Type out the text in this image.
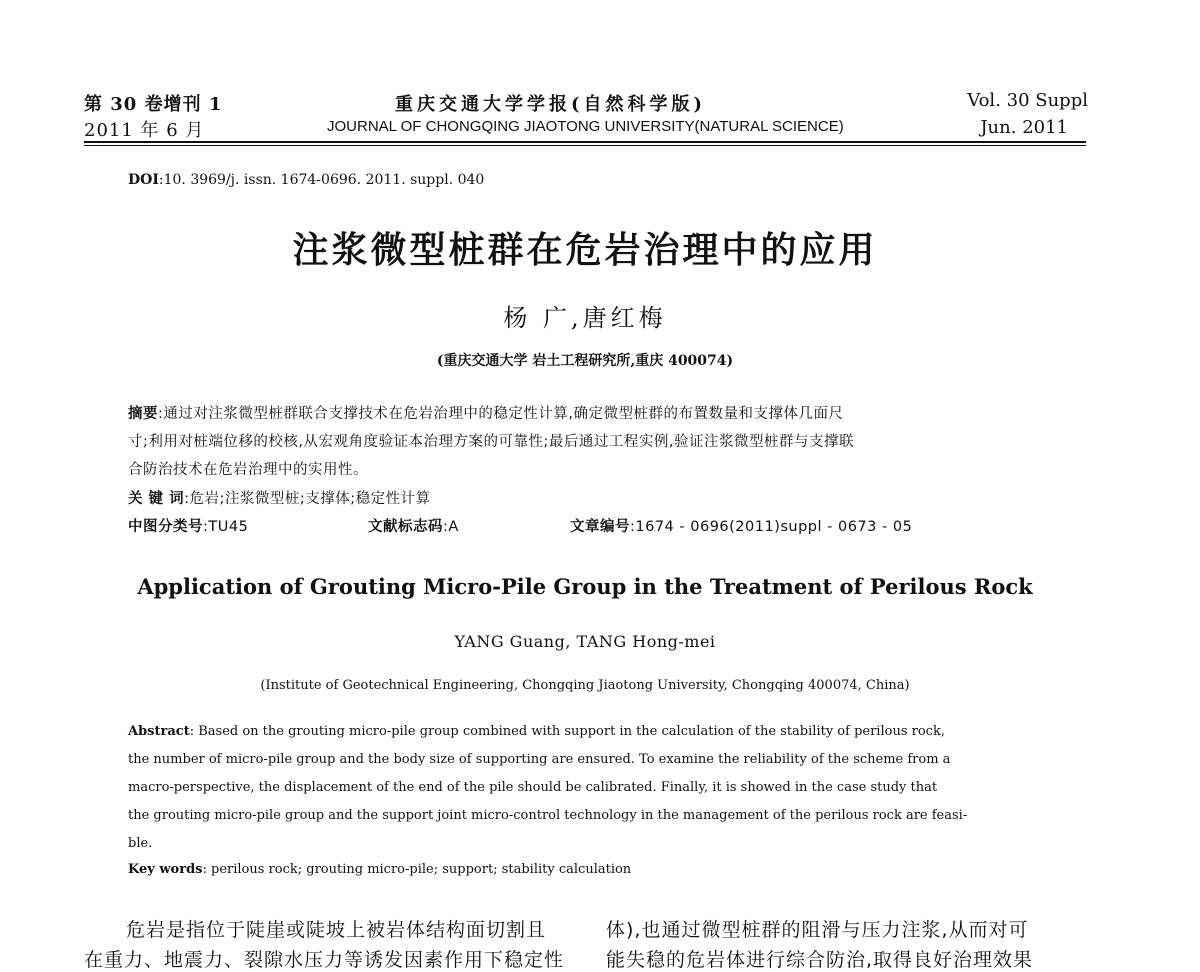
第 30 卷增刊 1
2011 年 6 月
重庆交通大学学报(自然科学版)
JOURNAL OF CHONGQING JIAOTONG UNIVERSITY(NATURAL SCIENCE)
Vol. 30 Suppl
Jun. 2011
DOI:10. 3969/j. issn. 1674-0696. 2011. suppl. 040
注浆微型桩群在危岩治理中的应用
杨 广,唐红梅
(重庆交通大学 岩土工程研究所,重庆 400074)
摘要:通过对注浆微型桩群联合支撑技术在危岩治理中的稳定性计算,确定微型桩群的布置数量和支撑体几面尺
寸;利用对桩端位移的校核,从宏观角度验证本治理方案的可靠性;最后通过工程实例,验证注浆微型桩群与支撑联
合防治技术在危岩治理中的实用性。
关 键 词:危岩;注浆微型桩;支撑体;稳定性计算
中图分类号:TU45	文献标志码:A	文章编号:1674 - 0696(2011)suppl - 0673 - 05
Application of Grouting Micro-Pile Group in the Treatment of Perilous Rock
YANG Guang, TANG Hong-mei
(Institute of Geotechnical Engineering, Chongqing Jiaotong University, Chongqing 400074, China)
Abstract: Based on the grouting micro-pile group combined with support in the calculation of the stability of perilous rock,
the number of micro-pile group and the body size of supporting are ensured. To examine the reliability of the scheme from a
macro-perspective, the displacement of the end of the pile should be calibrated. Finally, it is showed in the case study that
the grouting micro-pile group and the support joint micro-control technology in the management of the perilous rock are feasi-
ble.
Key words: perilous rock; grouting micro-pile; support; stability calculation
危岩是指位于陡崖或陡坡上被岩体结构面切割且
在重力、地震力、裂隙水压力等诱发因素作用下稳定性
体),也通过微型桩群的阻滑与压力注浆,从而对可
能失稳的危岩体进行综合防治,取得良好治理效果
